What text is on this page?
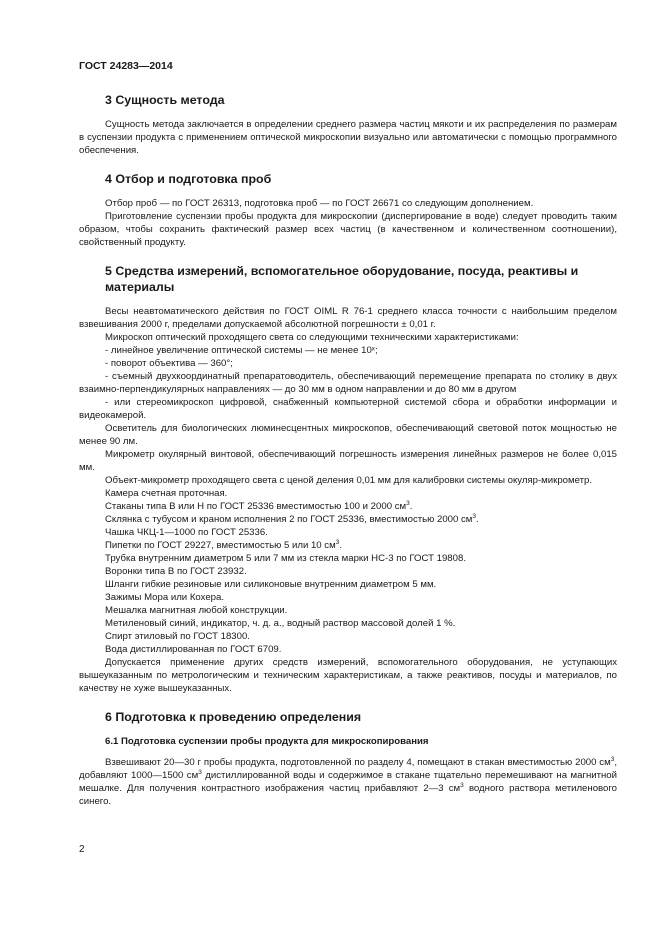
ГОСТ 24283—2014
3 Сущность метода

Сущность метода заключается в определении среднего размера частиц мякоти и их распределения по размерам в суспензии продукта с применением оптической микроскопии визуально или автоматически с помощью программного обеспечения.

4 Отбор и подготовка проб

Отбор проб — по ГОСТ 26313, подготовка проб — по ГОСТ 26671 со следующим дополнением.

Приготовление суспензии пробы продукта для микроскопии (диспергирование в воде) следует проводить таким образом, чтобы сохранить фактический размер всех частиц (в качественном и количественном соотношении), свойственный продукту.

5 Средства измерений, вспомогательное оборудование, посуда, реактивы и материалы

Весы неавтоматического действия по ГОСТ OIML R 76-1 среднего класса точности с наибольшим пределом взвешивания 2000 г, пределами допускаемой абсолютной погрешности ± 0,01 г.

Микроскоп оптический проходящего света со следующими техническими характеристиками:

- линейное увеличение оптической системы — не менее 10ˣ;

- поворот объектива — 360°;

- съемный двухкоординатный препаратоводитель, обеспечивающий перемещение препарата по столику в двух взаимно-перпендикулярных направлениях — до 30 мм в одном направлении и до 80 мм в другом

- или стереомикроскоп цифровой, снабженный компьютерной системой сбора и обработки информации и видеокамерой.

Осветитель для биологических люминесцентных микроскопов, обеспечивающий световой поток мощностью не менее 90 лм.

Микрометр окулярный винтовой, обеспечивающий погрешность измерения линейных размеров не более 0,015 мм.

Объект-микрометр проходящего света с ценой деления 0,01 мм для калибровки системы окуляр-микрометр.

Камера счетная проточная.

Стаканы типа В или Н по ГОСТ 25336 вместимостью 100 и 2000 $см^3$.

Склянка с тубусом и краном исполнения 2 по ГОСТ 25336, вместимостью 2000 $см^3$.

Чашка ЧКЦ-1—1000 по ГОСТ 25336.

Пипетки по ГОСТ 29227, вместимостью 5 или 10 $см^3$.

Трубка внутренним диаметром 5 или 7 мм из стекла марки НС-3 по ГОСТ 19808.

Воронки типа В по ГОСТ 23932.

Шланги гибкие резиновые или силиконовые внутренним диаметром 5 мм.

Зажимы Мора или Кохера.

Мешалка магнитная любой конструкции.

Метиленовый синий, индикатор, ч. д. а., водный раствор массовой долей 1 %.

Спирт этиловый по ГОСТ 18300.

Вода дистиллированная по ГОСТ 6709.

Допускается применение других средств измерений, вспомогательного оборудования, не уступающих вышеуказанным по метрологическим и техническим характеристикам, а также реактивов, посуды и материалов, по качеству не хуже вышеуказанных.

6 Подготовка к проведению определения
6.1 Подготовка суспензии пробы продукта для микроскопирования

Взвешивают 20—30 г пробы продукта, подготовленной по разделу 4, помещают в стакан вместимостью 2000 $см^3$, добавляют 1000—1500 $см^3$ дистиллированной воды и содержимое в стакане тщательно перемешивают на магнитной мешалке. Для получения контрастного изображения частиц прибавляют 2—3 $см^3$ водного раствора метиленового синего.

2
